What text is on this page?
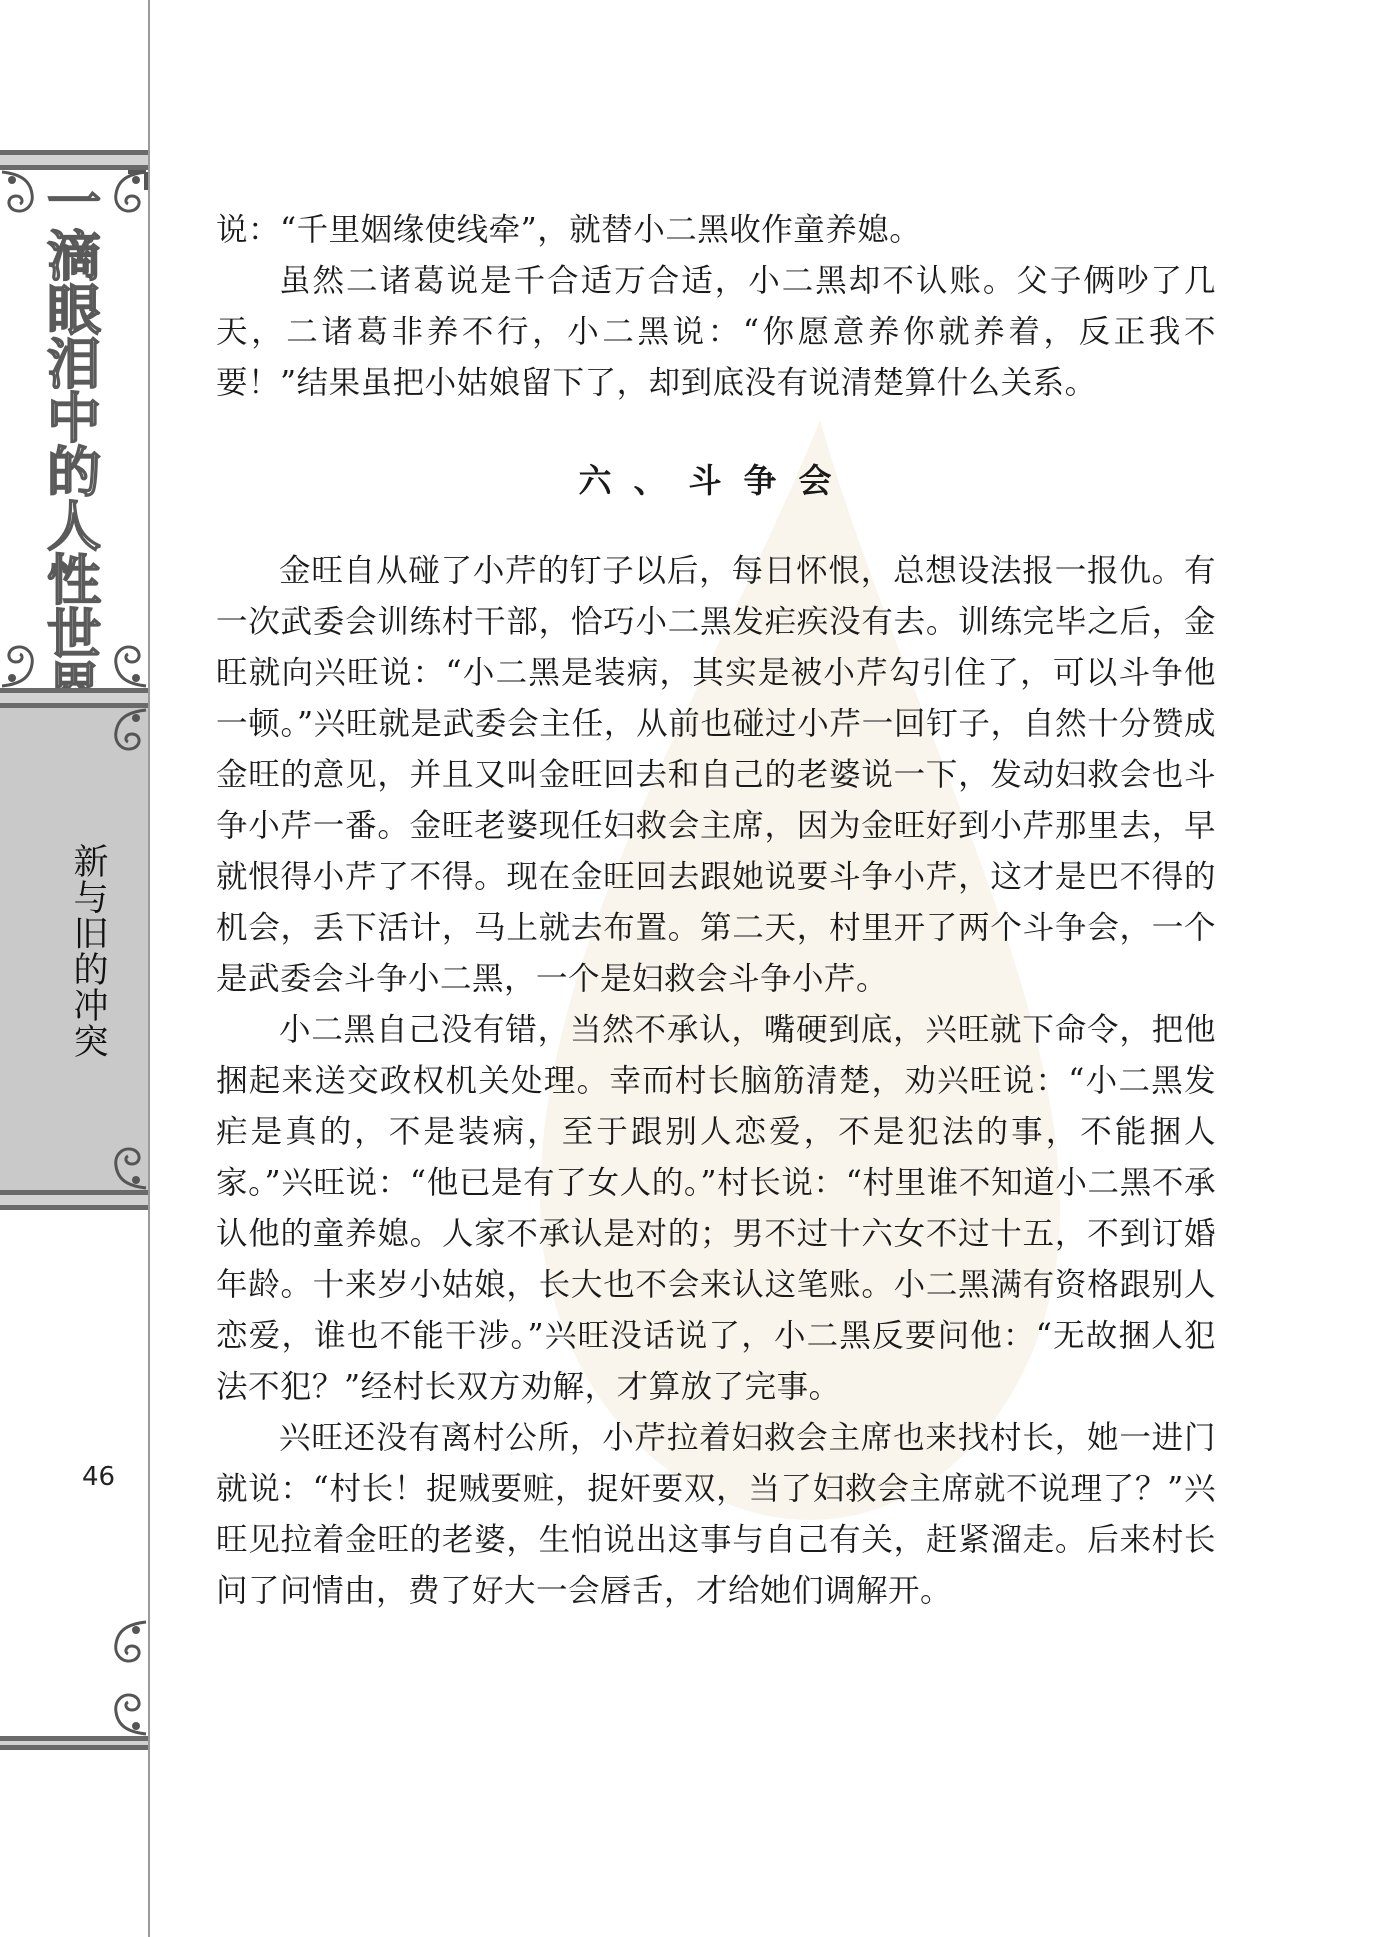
一
滴
眼
泪
中
的
人
性
世
新
与
旧
的
冲
突
46

说：“千里姻缘使线牵”，就替小二黑收作童养媳。

虽然二诸葛说是千合适万合适，小二黑却不认账。父子俩吵了几天，二诸葛非养不行，小二黑说：“你愿意养你就养着，反正我不要！”结果虽把小姑娘留下了，却到底没有说清楚算什么关系。

六、斗争会

金旺自从碰了小芹的钉子以后，每日怀恨，总想设法报一报仇。有一次武委会训练村干部，恰巧小二黑发疟疾没有去。训练完毕之后，金旺就向兴旺说：“小二黑是装病，其实是被小芹勾引住了，可以斗争他一顿。”兴旺就是武委会主任，从前也碰过小芹一回钉子，自然十分赞成金旺的意见，并且又叫金旺回去和自己的老婆说一下，发动妇救会也斗争小芹一番。金旺老婆现任妇救会主席，因为金旺好到小芹那里去，早就恨得小芹了不得。现在金旺回去跟她说要斗争小芹，这才是巴不得的机会，丢下活计，马上就去布置。第二天，村里开了两个斗争会，一个是武委会斗争小二黑，一个是妇救会斗争小芹。

小二黑自己没有错，当然不承认，嘴硬到底，兴旺就下命令，把他捆起来送交政权机关处理。幸而村长脑筋清楚，劝兴旺说：“小二黑发疟是真的，不是装病，至于跟别人恋爱，不是犯法的事，不能捆人家。”兴旺说：“他已是有了女人的。”村长说：“村里谁不知道小二黑不承认他的童养媳。人家不承认是对的；男不过十六女不过十五，不到订婚年龄。十来岁小姑娘，长大也不会来认这笔账。小二黑满有资格跟别人恋爱，谁也不能干涉。”兴旺没话说了，小二黑反要问他：“无故捆人犯法不犯？”经村长双方劝解，才算放了完事。

兴旺还没有离村公所，小芹拉着妇救会主席也来找村长，她一进门就说：“村长！捉贼要赃，捉奸要双，当了妇救会主席就不说理了？”兴旺见拉着金旺的老婆，生怕说出这事与自己有关，赶紧溜走。后来村长问了问情由，费了好大一会唇舌，才给她们调解开。
